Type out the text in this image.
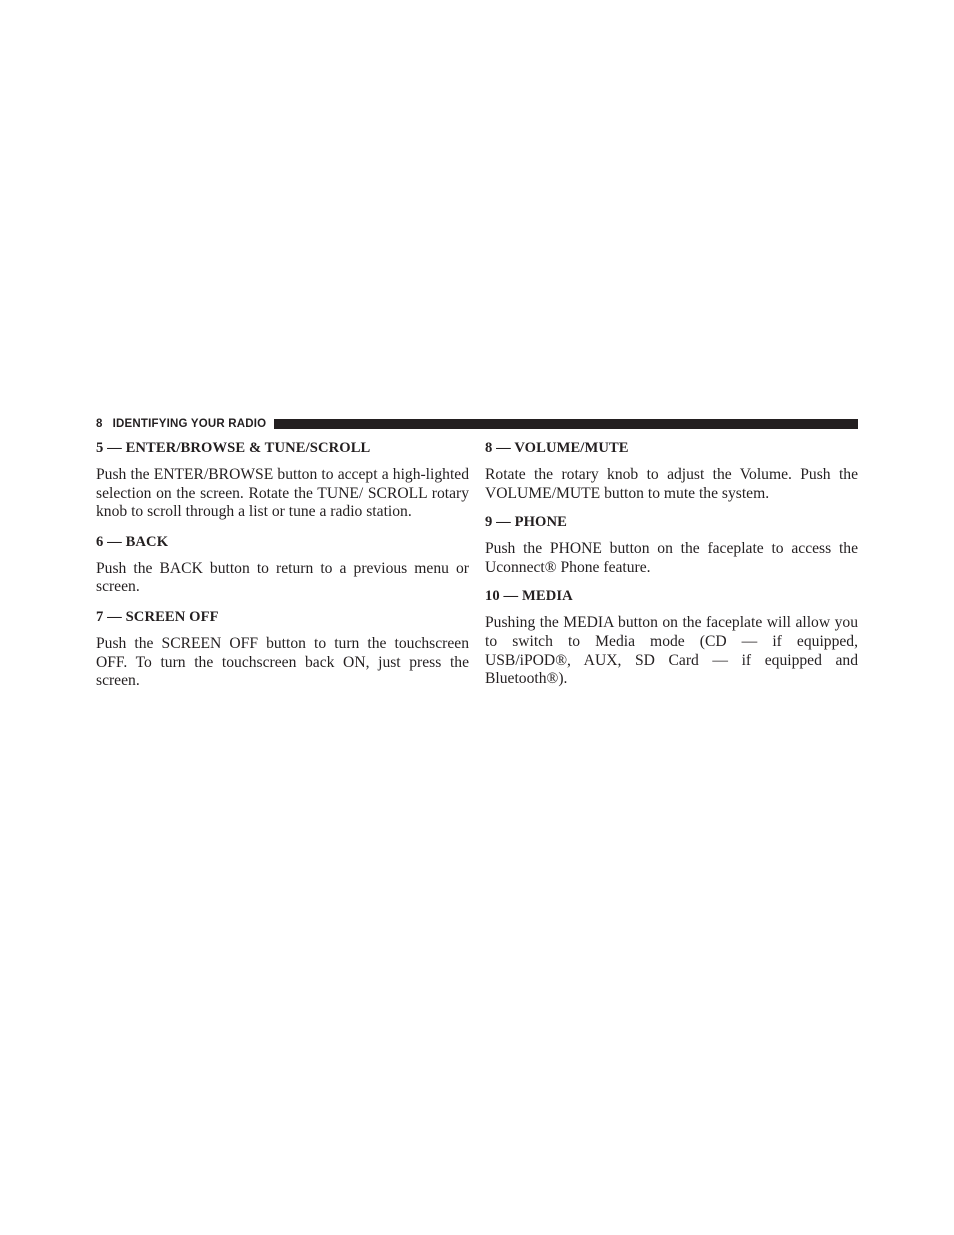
8 IDENTIFYING YOUR RADIO
5 — ENTER/BROWSE & TUNE/SCROLL

Push the ENTER/BROWSE button to accept a high-lighted selection on the screen. Rotate the TUNE/ SCROLL rotary knob to scroll through a list or tune a radio station.

6 — BACK

Push the BACK button to return to a previous menu or screen.

7 — SCREEN OFF

Push the SCREEN OFF button to turn the touchscreen OFF. To turn the touchscreen back ON, just press the screen.

8 — VOLUME/MUTE

Rotate the rotary knob to adjust the Volume. Push the VOLUME/MUTE button to mute the system.

9 — PHONE

Push the PHONE button on the faceplate to access the Uconnect® Phone feature.

10 — MEDIA

Pushing the MEDIA button on the faceplate will allow you to switch to Media mode (CD — if equipped, USB/iPOD®, AUX, SD Card — if equipped and Bluetooth®).
